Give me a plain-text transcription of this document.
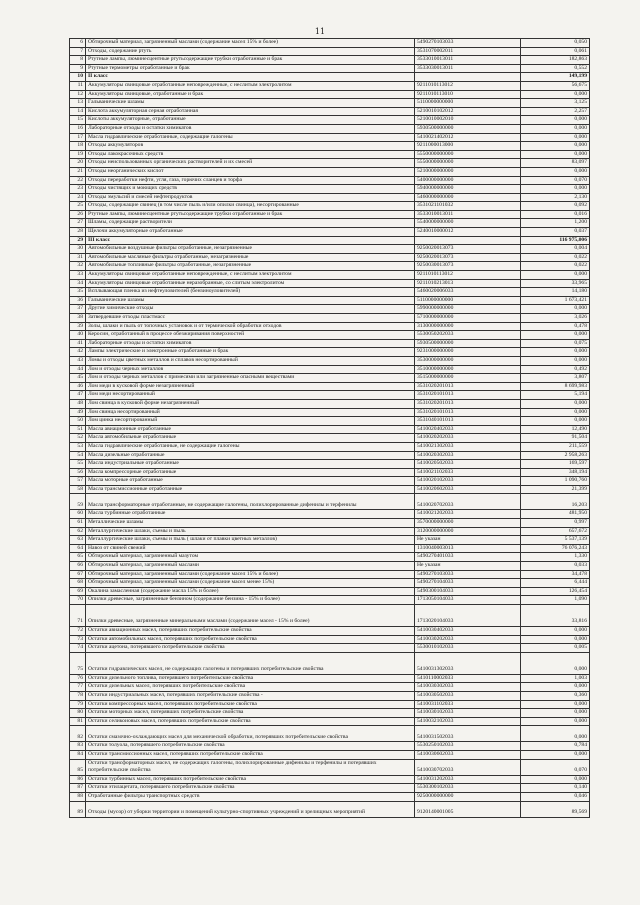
11
6	Обтирочный материал, загрязненный маслами (содержание масел 15% и более)	5490270103033	0,050
7	Отходы, содержание ртуть	3531070002011	0,061
8	Ртутные лампы, люминесцентные ртутьсодержащие трубки отработанные и брак	3533010013011	182,863
9	Ртутные термометры отработанные и брак	3533030013011	0,552
10	II класс		149,199
11	Аккумуляторы свинцовые отработанные неповрежденные, с неслитым электролитом	9211010113012	56,675
12	Аккумуляторы свинцовые, отработанные и брак	9211010113010	0,000
13	Гальванические шламы	5110000000000	3,125
14	Кислота аккумуляторная серная отработанная	5210010102012	2,257
15	Кислоты аккумуляторные, отработанные	5210010002010	0,000
16	Лабораторные отходы и остатки химикатов	5930500000000	0,000
17	Масла гидравлические отработанные, содержащие галогены	5410021402012	0,000
18	Отходы аккумуляторов	9211000013000	0,000
19	Отходы лакокрасочных средств	5550000000000	0,000
20	Отходы неиспользованных органических растворителей и их смесей	5550000000000	83,097
21	Отходы неорганических кислот	5210000000000	0,000
22	Отходы переработки нефти, угля, газа, горючих сланцев и торфа	5400000000000	0,070
23	Отходы чистящих и моющих средств	5940000000000	0,000
24	Отходы эмульсий и смесей нефтепродуктов	5460000000000	2,130
25	Отходы, содержащие свинец (в том числе пыль и/или опилки свинца), несортированные	3531021101032	0,092
26	Ртутные лампы, люминесцентные ртутьсодержащие трубки отработанные и брак	3533010013011	0,016
27	Шламы, содержащие растворители	5540000000000	1,200
28	Щелочи аккумуляторные отработанные	5240010000012	0,037
29	III класс		116 975,006
30	Автомобильные воздушные фильтры отработанные, незагрязненные	9250020013073	0,004
31	Автомобильные масляные фильтры отработанные, незагрязненные	9250020013073	0,022
32	Автомобильные топливные фильтры отработанные, незагрязненные	9250030013073	0,022
33	Аккумуляторы свинцовые отработанные неповрежденные, с неслитым электролитом	9211010113012	0,000
34	Аккумуляторы свинцовые отработанные неразобранные, со слитым электролитом	9211010213013	33,965
35	Всплывающая пленка из нефтеуловителей (бензиноуловителей)	5460020006033	14,180
36	Гальванические шламы	5110000000000	1 673,421
37	Другие химические отходы	5990000000000	0,000
38	Затвердевшие отходы пластмасс	5710000000000	3,026
39	Золы, шлаки и пыль от топочных установок и от термической обработки отходов	3130000000000	0,478
40	Керосин, отработанный в процессе обезжиривания поверхностей	5530050202033	0,000
41	Лабораторные отходы и остатки химикатов	5930500000000	0,075
42	Лампы электрические и электронные отработанные и брак	9231000000000	0,000
43	Ломы и отходы цветных металлов и сплавов несортированный	3530000000000	0,000
44	Лом и отходы черных металлов	3510000000000	0,492
45	Лом и отходы черных металлов с примесями или загрязненные опасными веществами	3515000000000	3,807
46	Лом меди в кусковой форме незагрязненный	3531020201013	8 699,983
47	Лом меди несортированный	3531020101013	5,194
48	Лом свинца в кусковой форме незагрязненный	3531020201013	0,000
49	Лом свинца несортированный	3531020101013	0,000
50	Лом цинка несортированный	3531040101013	0,000
51	Масла авиационные отработанные	5410020402033	12,490
52	Масла автомобильные отработанные	5410020202033	91,504
53	Масла гидравлические отработанные, не содержащие галогены	5410021302033	211,559
54	Масла дизельные отработанные	5410020302033	2 958,263
55	Масла индустриальные отработанные	5410020502033	169,597
56	Масла компрессорные отработанные	5410021102033	348,194
57	Масла моторные отработанные	5410020102033	1 090,760
58	Масла трансмиссионные отработанные	5410020602033	21,399
59	Масла трансформаторные отработанные, не содержащие галогены, полихлорированные дифенилы и терфенилы	5410020702033	16,203
60	Масла турбинные отработанные	5410021202033	481,950
61	Металлические шламы	3570000000000	0,997
62	Металлургические шлаки, съемы и пыль	3120000000000	657,672
63	Металлургические шлаки, съемы и пыль ( шлаки от плавки цветных металлов)	Не указан	5 537,139
64	Навоз от свиней свежий	1310040003013	76 076,243
65	Обтирочный материал, загрязненный мазутом	5490270401033	1,330
66	Обтирочный материал, загрязненный маслами	Не указан	0,033
67	Обтирочный материал, загрязненный маслами (содержание масел 15% и более)	5490270103033	34,478
68	Обтирочный материал, загрязненный маслами (содержание масел менее 15%)	5490270104033	6,444
69	Окалина замасленная (содержание масла 15% и более)	5490300104033	126,454
70	Опилки древесные, загрязненные бензином (содержание бензина - 15% и более)	1713050104033	1,090
71	Опилки древесные, загрязненные минеральными маслами (содержание масел - 15% и более)	1713020104033	33,816
72	Остатки авиационных масел, потерявших потребительские свойства	5410030402033	0,000
73	Остатки автомобильных масел, потерявших потребительские свойства	5410030202033	0,000
74	Остатки ацетона, потерявшего потребительские свойства	5530010102033	0,005
75	Остатки гидравлических масел, не содержащих галогены и потерявших потребительские свойства	5410031302033	0,000
76	Остатки дизельного топлива, потерявшего потребительские свойства	5410110002033	1,003
77	Остатки дизельных масел, потерявших потребительские свойства	5410030302033	0,000
78	Остатки индустриальных масел, потерявших потребительские свойства -	5410030502033	0,360
79	Остатки компрессорных масел, потерявших потребительские свойства	5410031102033	0,000
80	Остатки моторных масел, потерявших потребительские свойства	5410030102033	0,000
81	Остатки селикоиовых масел, потерявших потребительские свойства	5410032102033	0,000
82	Остатки смазочно-охлаждающих масел для механической обработки, потерявших потребительские свойства	5410031502033	0,000
83	Остатки толуола, потерявшего потребительские свойства	5530250102033	0,784
84	Остатки трансмиссионных масел, потерявших потребительские свойства	5410030602033	0,000
85	Остатки трансформаторных масел, не содержащих галогены, полихлорированные дифенилы и терфенилы и потерявших потребительские свойства	5410030702033	0,070
86	Остатки турбинных масел, потерявших потребительские свойства	5410031202033	0,000
87	Остатки этилацетата, потерявшего потребительские свойства	5530300102033	0,140
88	Отработанные фильтры транспортных средств	9250000000000	0,046
89	Отходы (мусор) от уборки территории и помещений культурно-спортивных учреждений и зрелищных мероприятий	9120140001005	89,569
